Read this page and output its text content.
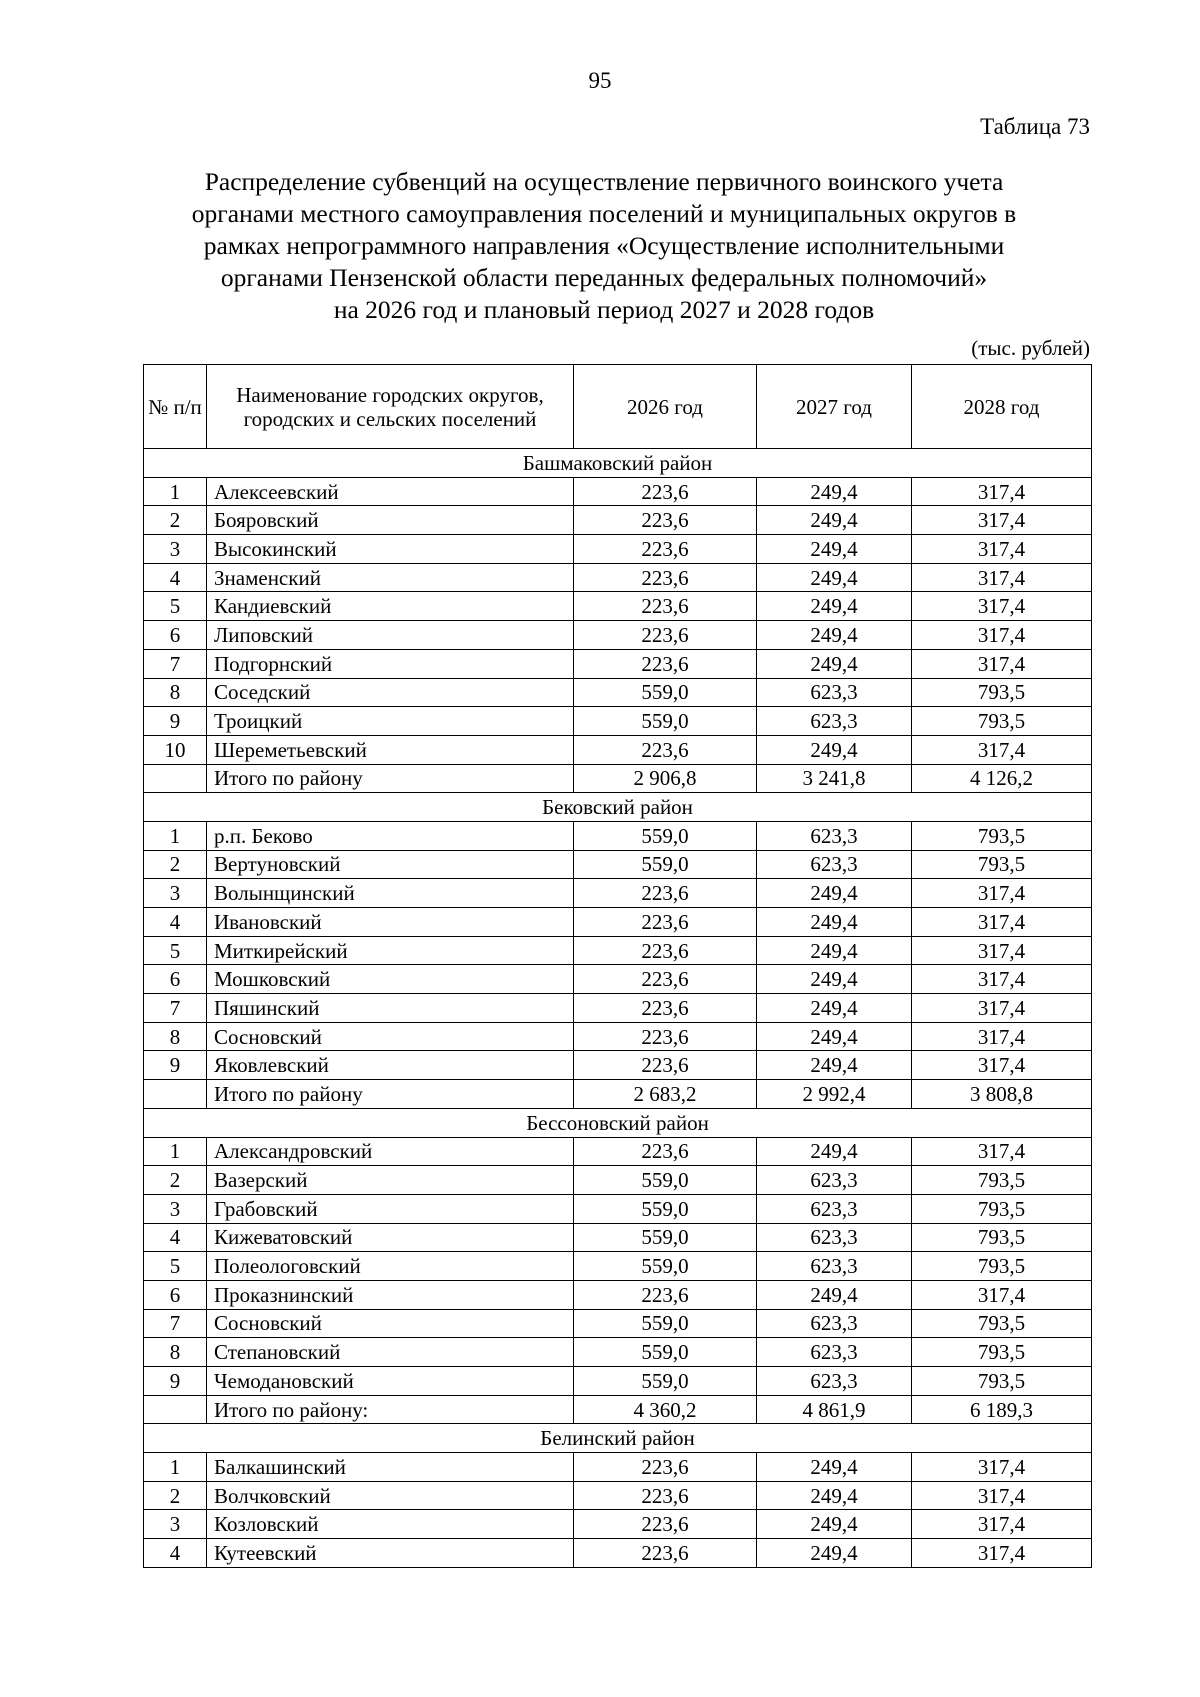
95
Таблица 73
Распределение субвенций на осуществление первичного воинского учета
органами местного самоуправления поселений и муниципальных округов в
рамках непрограммного направления «Осуществление исполнительными
органами Пензенской области переданных федеральных полномочий»
на 2026 год и плановый период 2027 и 2028 годов
(тыс. рублей)
№ п/п	Наименование городских округов, городских и сельских поселений	2026 год	2027 год	2028 год
Башмаковский район				
1	Алексеевский	223,6	249,4	317,4
2	Бояровский	223,6	249,4	317,4
3	Высокинский	223,6	249,4	317,4
4	Знаменский	223,6	249,4	317,4
5	Кандиевский	223,6	249,4	317,4
6	Липовский	223,6	249,4	317,4
7	Подгорнский	223,6	249,4	317,4
8	Соседский	559,0	623,3	793,5
9	Троицкий	559,0	623,3	793,5
10	Шереметьевский	223,6	249,4	317,4
	Итого по району	2 906,8	3 241,8	4 126,2
Бековский район				
1	р.п. Беково	559,0	623,3	793,5
2	Вертуновский	559,0	623,3	793,5
3	Волынщинский	223,6	249,4	317,4
4	Ивановский	223,6	249,4	317,4
5	Миткирейский	223,6	249,4	317,4
6	Мошковский	223,6	249,4	317,4
7	Пяшинский	223,6	249,4	317,4
8	Сосновский	223,6	249,4	317,4
9	Яковлевский	223,6	249,4	317,4
	Итого по району	2 683,2	2 992,4	3 808,8
Бессоновский район				
1	Александровский	223,6	249,4	317,4
2	Вазерский	559,0	623,3	793,5
3	Грабовский	559,0	623,3	793,5
4	Кижеватовский	559,0	623,3	793,5
5	Полеологовский	559,0	623,3	793,5
6	Проказнинский	223,6	249,4	317,4
7	Сосновский	559,0	623,3	793,5
8	Степановский	559,0	623,3	793,5
9	Чемодановский	559,0	623,3	793,5
	Итого по району:	4 360,2	4 861,9	6 189,3
Белинский район				
1	Балкашинский	223,6	249,4	317,4
2	Волчковский	223,6	249,4	317,4
3	Козловский	223,6	249,4	317,4
4	Кутеевский	223,6	249,4	317,4
